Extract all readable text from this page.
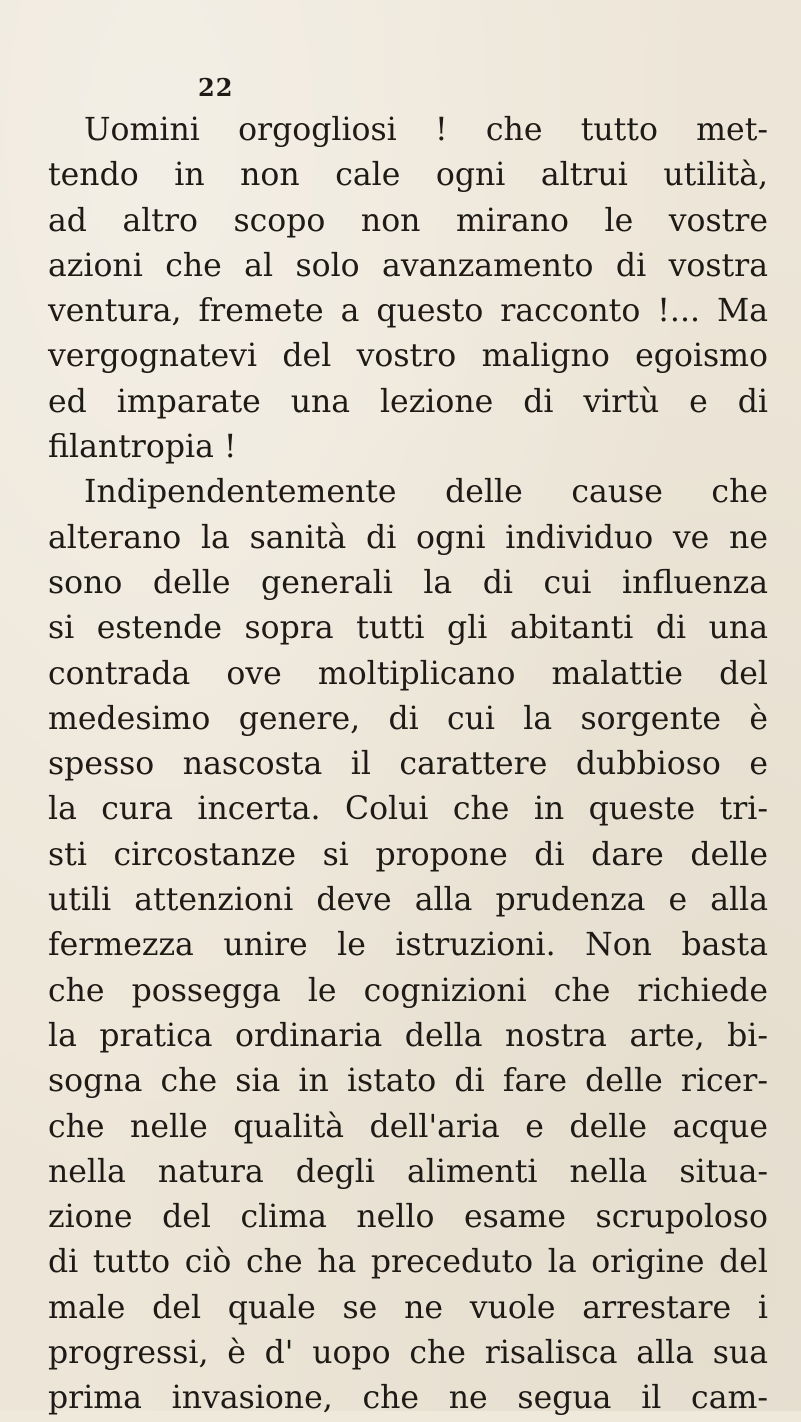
22
Uomini orgogliosi ! che tutto met-
tendo in non cale ogni altrui utilità,
ad altro scopo non mirano le vostre
azioni che al solo avanzamento di vostra
ventura, fremete a questo racconto !... Ma
vergognatevi del vostro maligno egoismo
ed imparate una lezione di virtù e di
filantropia !
Indipendentemente delle cause che
alterano la sanità di ogni individuo ve ne
sono delle generali la di cui influenza
si estende sopra tutti gli abitanti di una
contrada ove moltiplicano malattie del
medesimo genere, di cui la sorgente è
spesso nascosta il carattere dubbioso e
la cura incerta. Colui che in queste tri-
sti circostanze si propone di dare delle
utili attenzioni deve alla prudenza e alla
fermezza unire le istruzioni. Non basta
che possegga le cognizioni che richiede
la pratica ordinaria della nostra arte, bi-
sogna che sia in istato di fare delle ricer-
che nelle qualità dell'aria e delle acque
nella natura degli alimenti nella situa-
zione del clima nello esame scrupoloso
di tutto ciò che ha preceduto la origine del
male del quale se ne vuole arrestare i
progressi, è d' uopo che risalisca alla sua
prima invasione, che ne segua il cam-
